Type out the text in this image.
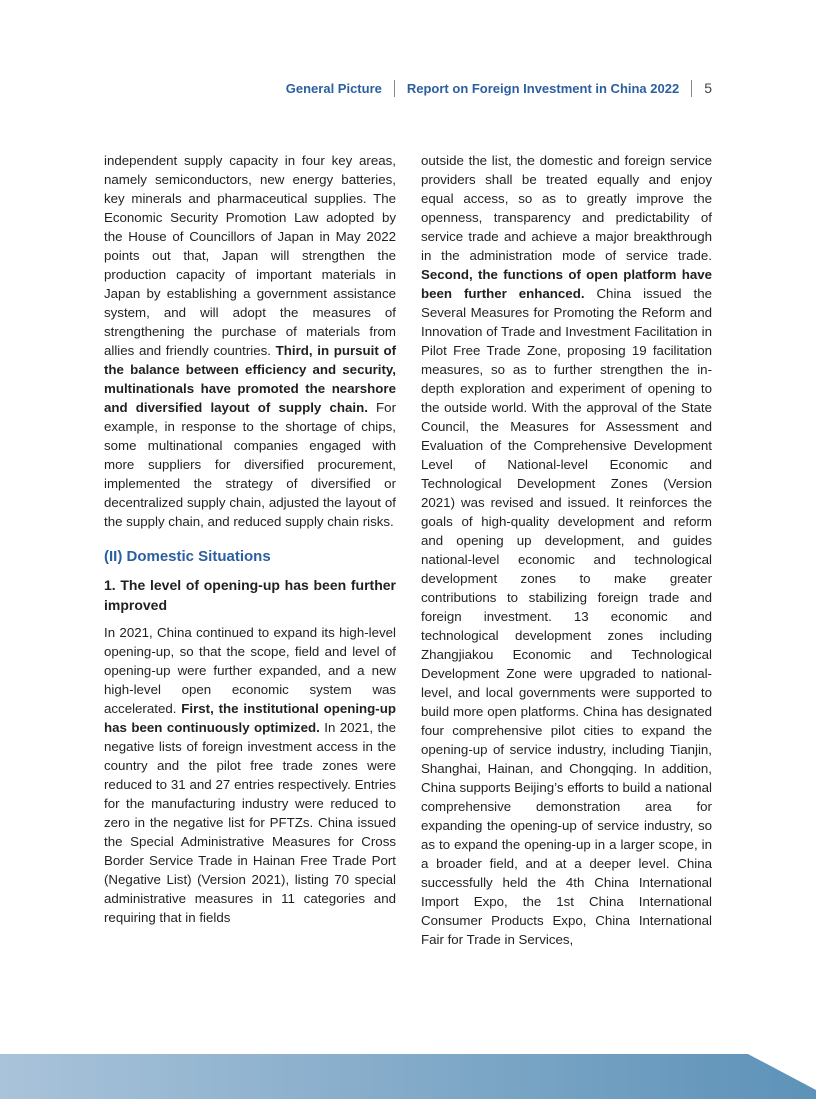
General Picture Report on Foreign Investment in China 2022 5

independent supply capacity in four key areas, namely semiconductors, new energy batteries, key minerals and pharmaceutical supplies. The Economic Security Promotion Law adopted by the House of Councillors of Japan in May 2022 points out that, Japan will strengthen the production capacity of important materials in Japan by establishing a government assistance system, and will adopt the measures of strengthening the purchase of materials from allies and friendly countries. Third, in pursuit of the balance between efficiency and security, multinationals have promoted the nearshore and diversified layout of supply chain. For example, in response to the shortage of chips, some multinational companies engaged with more suppliers for diversified procurement, implemented the strategy of diversified or decentralized supply chain, adjusted the layout of the supply chain, and reduced supply chain risks.

(II) Domestic Situations
1. The level of opening-up has been further improved

In 2021, China continued to expand its high-level opening-up, so that the scope, field and level of opening-up were further expanded, and a new high-level open economic system was accelerated. First, the institutional opening-up has been continuously optimized. In 2021, the negative lists of foreign investment access in the country and the pilot free trade zones were reduced to 31 and 27 entries respectively. Entries for the manufacturing industry were reduced to zero in the negative list for PFTZs. China issued the Special Administrative Measures for Cross Border Service Trade in Hainan Free Trade Port (Negative List) (Version 2021), listing 70 special administrative measures in 11 categories and requiring that in fields

outside the list, the domestic and foreign service providers shall be treated equally and enjoy equal access, so as to greatly improve the openness, transparency and predictability of service trade and achieve a major breakthrough in the administration mode of service trade. Second, the functions of open platform have been further enhanced. China issued the Several Measures for Promoting the Reform and Innovation of Trade and Investment Facilitation in Pilot Free Trade Zone, proposing 19 facilitation measures, so as to further strengthen the in-depth exploration and experiment of opening to the outside world. With the approval of the State Council, the Measures for Assessment and Evaluation of the Comprehensive Development Level of National-level Economic and Technological Development Zones (Version 2021) was revised and issued. It reinforces the goals of high-quality development and reform and opening up development, and guides national-level economic and technological development zones to make greater contributions to stabilizing foreign trade and foreign investment. 13 economic and technological development zones including Zhangjiakou Economic and Technological Development Zone were upgraded to national-level, and local governments were supported to build more open platforms. China has designated four comprehensive pilot cities to expand the opening-up of service industry, including Tianjin, Shanghai, Hainan, and Chongqing. In addition, China supports Beijing’s efforts to build a national comprehensive demonstration area for expanding the opening-up of service industry, so as to expand the opening-up in a larger scope, in a broader field, and at a deeper level. China successfully held the 4th China International Import Expo, the 1st China International Consumer Products Expo, China International Fair for Trade in Services,
